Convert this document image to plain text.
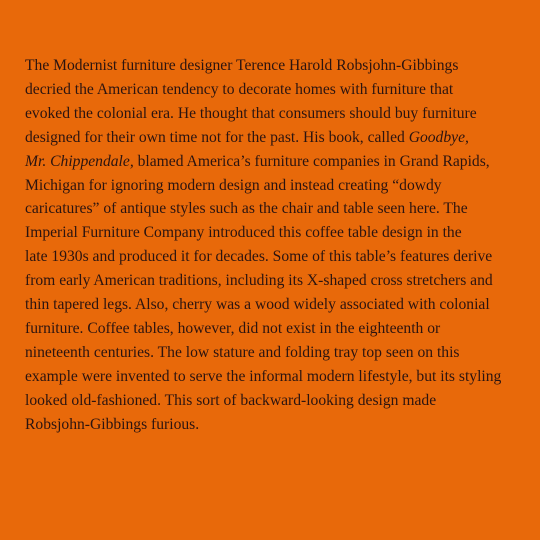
The Modernist furniture designer Terence Harold Robsjohn-Gibbings
decried the American tendency to decorate homes with furniture that
evoked the colonial era. He thought that consumers should buy furniture
designed for their own time not for the past. His book, called Goodbye,
Mr. Chippendale, blamed America’s furniture companies in Grand Rapids,
Michigan for ignoring modern design and instead creating “dowdy
caricatures” of antique styles such as the chair and table seen here. The
Imperial Furniture Company introduced this coffee table design in the
late 1930s and produced it for decades. Some of this table’s features derive
from early American traditions, including its X-shaped cross stretchers and
thin tapered legs. Also, cherry was a wood widely associated with colonial
furniture. Coffee tables, however, did not exist in the eighteenth or
nineteenth centuries. The low stature and folding tray top seen on this
example were invented to serve the informal modern lifestyle, but its styling
looked old-fashioned. This sort of backward-looking design made
Robsjohn-Gibbings furious.
